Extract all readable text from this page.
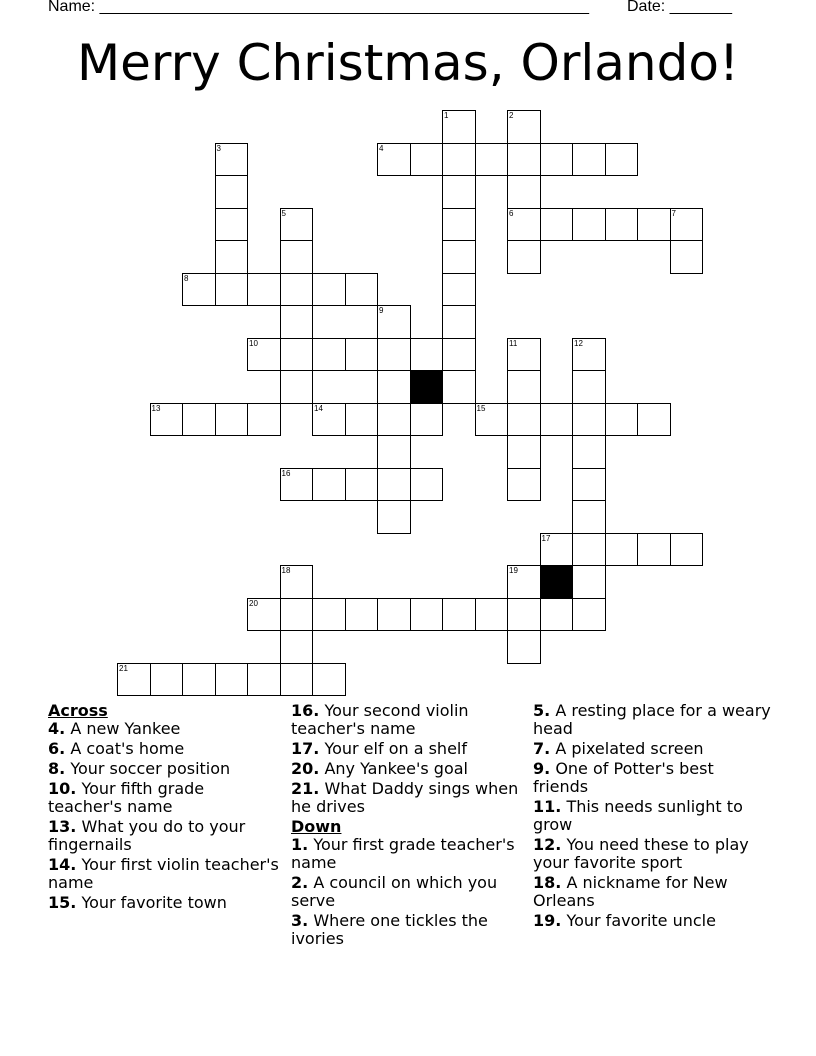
Name: _______________________________________________________ Date: _______
Merry Christmas, Orlando!
1	2
3	4
5	6	7
8
9
10	11	12
13	14	15
16
17
18	19
20
21

Across

4. A new Yankee

6. A coat's home

8. Your soccer position

10. Your fifth grade teacher's name

13. What you do to your fingernails

14. Your first violin teacher's name

15. Your favorite town

16. Your second violin teacher's name

17. Your elf on a shelf

20. Any Yankee's goal

21. What Daddy sings when he drives

Down

1. Your first grade teacher's name

2. A council on which you serve

3. Where one tickles the ivories

5. A resting place for a weary head

7. A pixelated screen

9. One of Potter's best friends

11. This needs sunlight to grow

12. You need these to play your favorite sport

18. A nickname for New Orleans

19. Your favorite uncle
